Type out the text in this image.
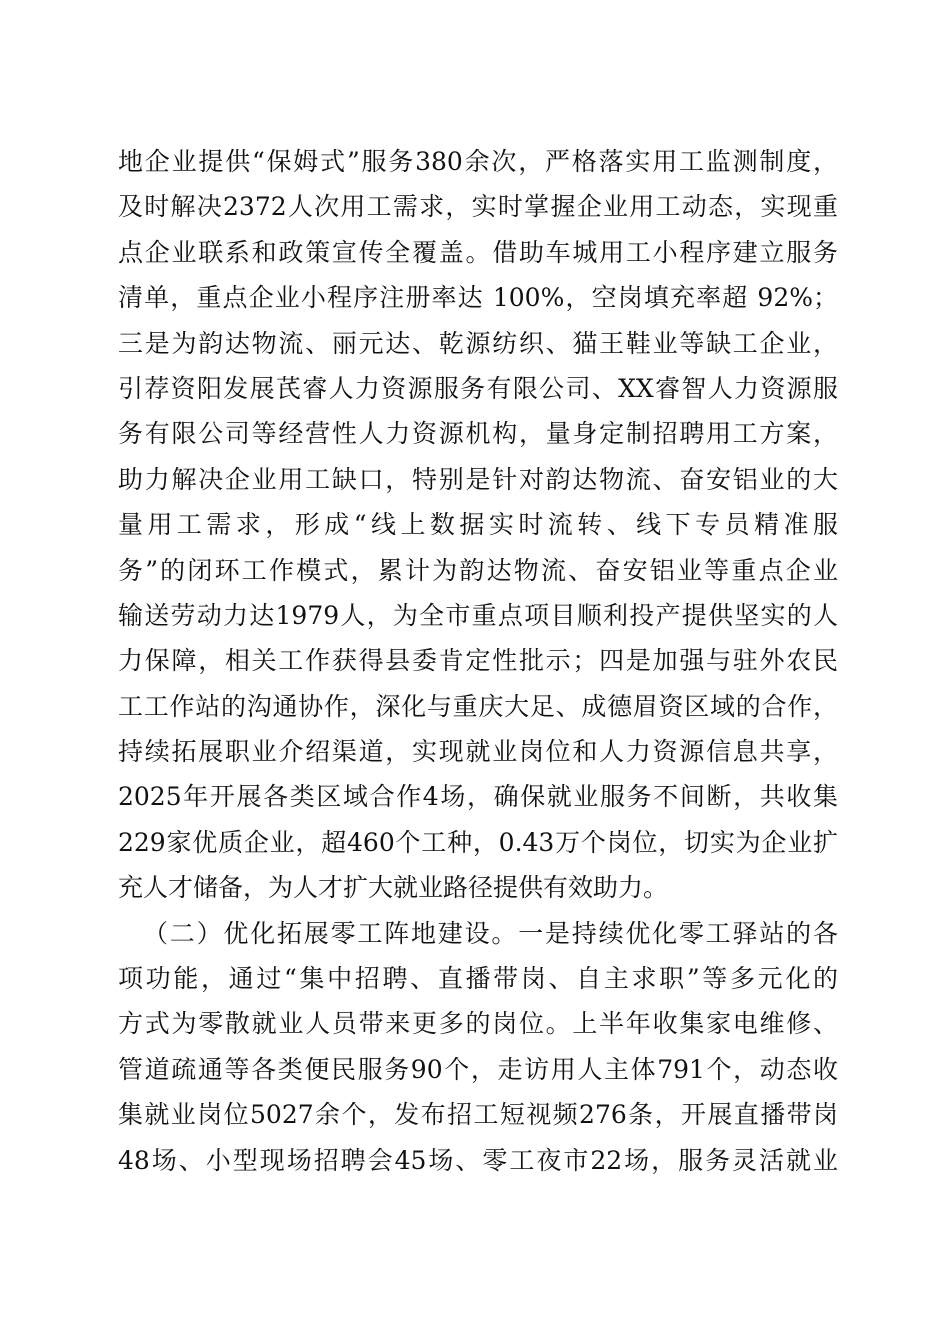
地企业提供“保姆式”服务380余次，严格落实用工监测制度，
及时解决2372人次用工需求，实时掌握企业用工动态，实现重
点企业联系和政策宣传全覆盖。借助车城用工小程序建立服务
清单，重点企业小程序注册率达 100%，空岗填充率超 92%；
三是为韵达物流、丽元达、乾源纺织、猫王鞋业等缺工企业，
引荐资阳发展芪睿人力资源服务有限公司、XX睿智人力资源服
务有限公司等经营性人力资源机构，量身定制招聘用工方案，
助力解决企业用工缺口，特别是针对韵达物流、奋安铝业的大
量用工需求，形成“线上数据实时流转、线下专员精准服
务”的闭环工作模式，累计为韵达物流、奋安铝业等重点企业
输送劳动力达1979人，为全市重点项目顺利投产提供坚实的人
力保障，相关工作获得县委肯定性批示；四是加强与驻外农民
工工作站的沟通协作，深化与重庆大足、成德眉资区域的合作，
持续拓展职业介绍渠道，实现就业岗位和人力资源信息共享，
2025年开展各类区域合作4场，确保就业服务不间断，共收集
229家优质企业，超460个工种，0.43万个岗位，切实为企业扩
充人才储备，为人才扩大就业路径提供有效助力。
（二）优化拓展零工阵地建设。一是持续优化零工驿站的各
项功能，通过“集中招聘、直播带岗、自主求职”等多元化的
方式为零散就业人员带来更多的岗位。上半年收集家电维修、
管道疏通等各类便民服务90个，走访用人主体791个，动态收
集就业岗位5027余个，发布招工短视频276条，开展直播带岗
48场、小型现场招聘会45场、零工夜市22场，服务灵活就业
